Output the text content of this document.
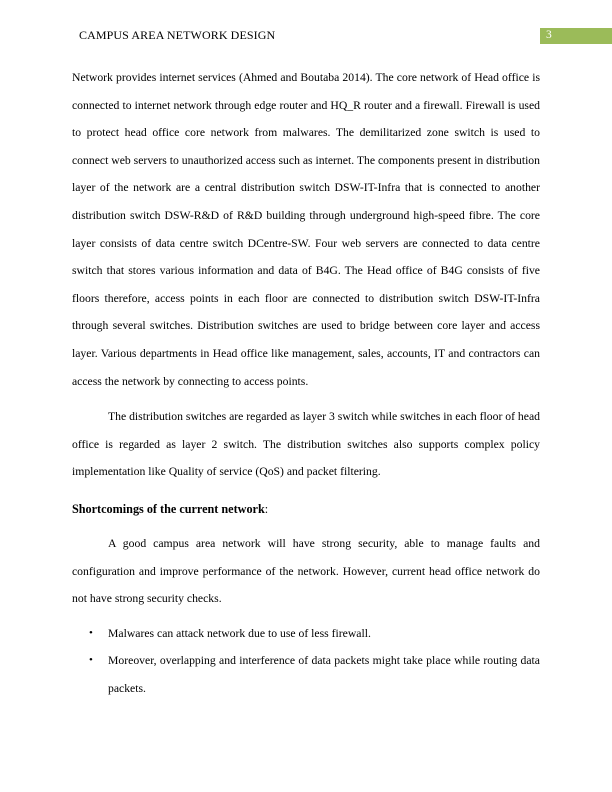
CAMPUS AREA NETWORK DESIGN	3

Network provides internet services (Ahmed and Boutaba 2014). The core network of Head office is connected to internet network through edge router and HQ_R router and a firewall. Firewall is used to protect head office core network from malwares. The demilitarized zone switch is used to connect web servers to unauthorized access such as internet. The components present in distribution layer of the network are a central distribution switch DSW-IT-Infra that is connected to another distribution switch DSW-R&D of R&D building through underground high-speed fibre. The core layer consists of data centre switch DCentre-SW. Four web servers are connected to data centre switch that stores various information and data of B4G. The Head office of B4G consists of five floors therefore, access points in each floor are connected to distribution switch DSW-IT-Infra through several switches. Distribution switches are used to bridge between core layer and access layer. Various departments in Head office like management, sales, accounts, IT and contractors can access the network by connecting to access points.

The distribution switches are regarded as layer 3 switch while switches in each floor of head office is regarded as layer 2 switch. The distribution switches also supports complex policy implementation like Quality of service (QoS) and packet filtering.

Shortcomings of the current network:

A good campus area network will have strong security, able to manage faults and configuration and improve performance of the network. However, current head office network do not have strong security checks.

• Malwares can attack network due to use of less firewall.
• Moreover, overlapping and interference of data packets might take place while routing data packets.
